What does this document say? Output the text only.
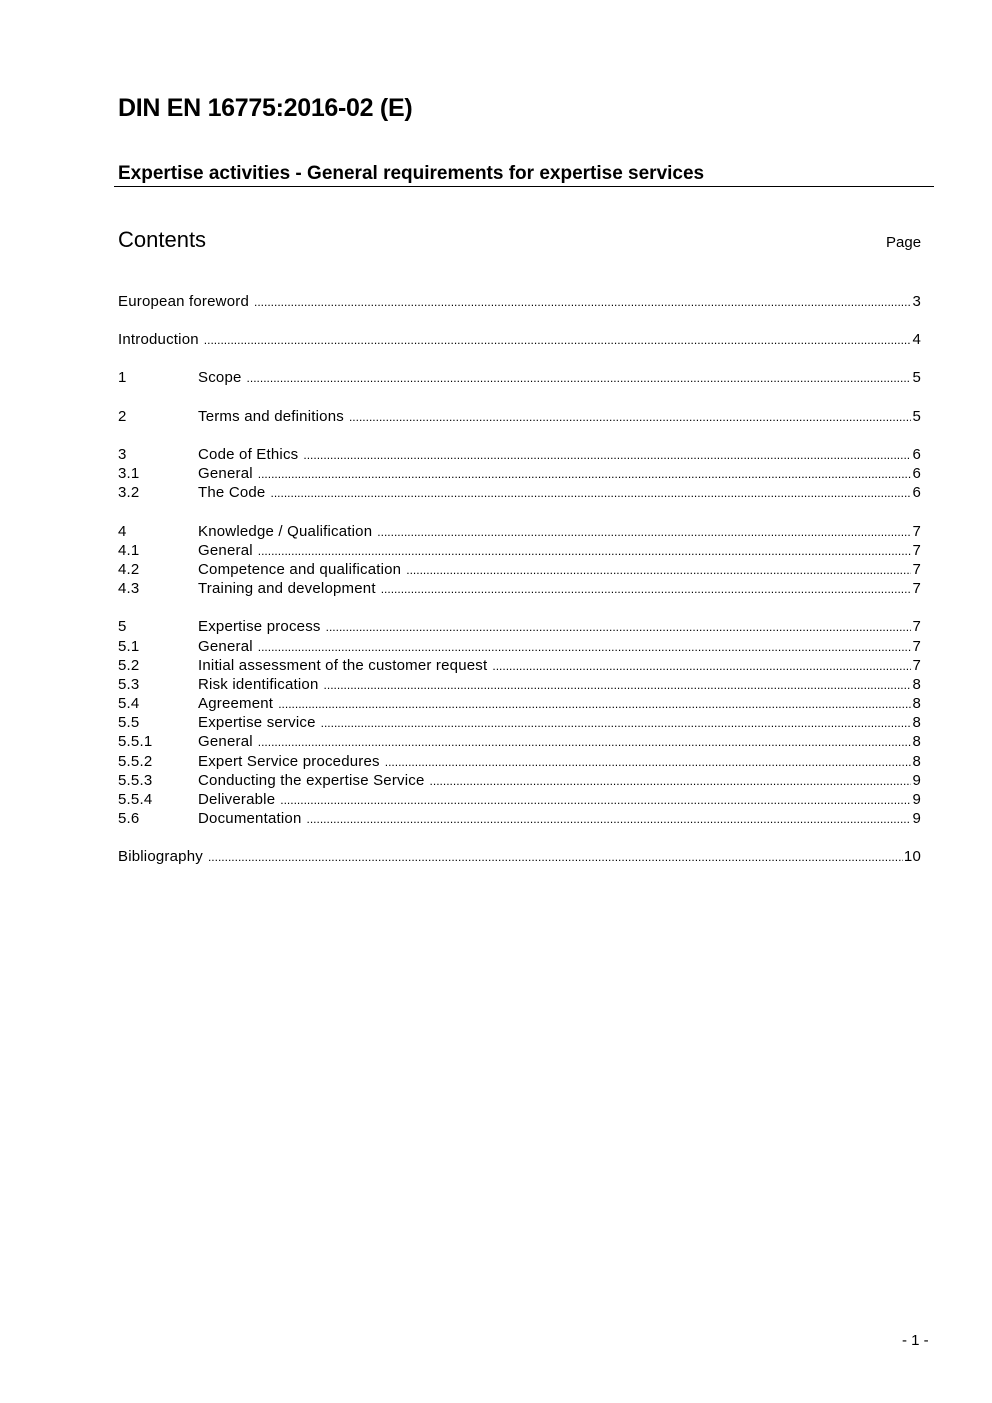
DIN EN 16775:2016-02 (E)
Expertise activities - General requirements for expertise services
Contents	Page
European foreword .....	3
Introduction .....	4
1	Scope .....	5
2	Terms and definitions .....	5
3	Code of Ethics .....	6
3.1	General .....	6
3.2	The Code .....	6
4	Knowledge / Qualification .....	7
4.1	General .....	7
4.2	Competence and qualification .....	7
4.3	Training and development .....	7
5	Expertise process .....	7
5.1	General .....	7
5.2	Initial assessment of the customer request .....	7
5.3	Risk identification .....	8
5.4	Agreement .....	8
5.5	Expertise service .....	8
5.5.1	General .....	8
5.5.2	Expert Service procedures .....	8
5.5.3	Conducting the expertise Service .....	9
5.5.4	Deliverable .....	9
5.6	Documentation .....	9
Bibliography .....	10
- 1 -
